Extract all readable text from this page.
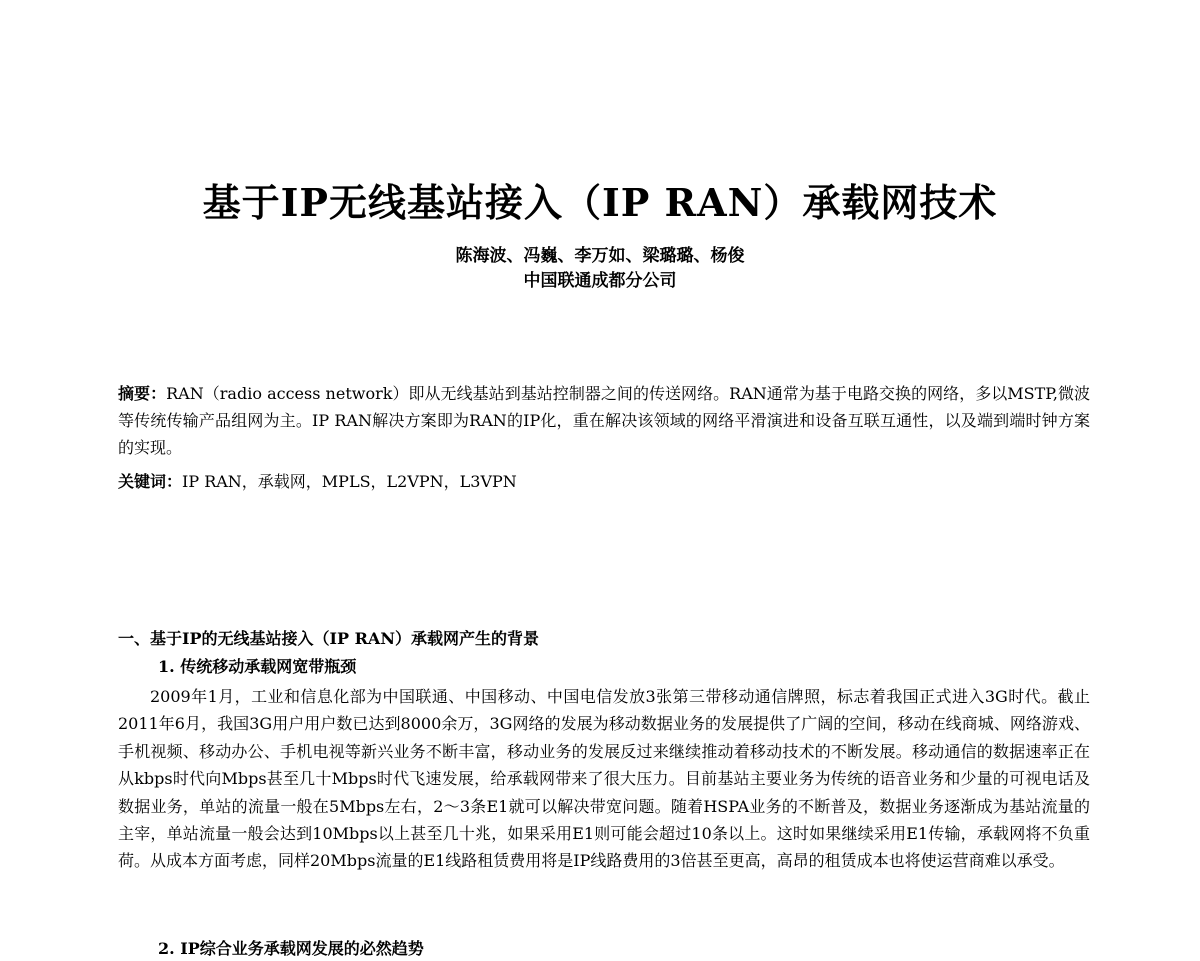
基于IP无线基站接入（IP RAN）承载网技术
陈海波、冯巍、李万如、梁璐璐、杨俊
中国联通成都分公司
摘要：RAN（radio access network）即从无线基站到基站控制器之间的传送网络。RAN通常为基于电路交换的网络，多以MSTP,微波等传统传输产品组网为主。IP RAN解决方案即为RAN的IP化，重在解决该领域的网络平滑演进和设备互联互通性，以及端到端时钟方案的实现。
关键词：IP RAN，承载网，MPLS，L2VPN，L3VPN
一、基于IP的无线基站接入（IP RAN）承载网产生的背景
1. 传统移动承载网宽带瓶颈
2009年1月，工业和信息化部为中国联通、中国移动、中国电信发放3张第三带移动通信牌照，标志着我国正式进入3G时代。截止2011年6月，我国3G用户用户数已达到8000余万，3G网络的发展为移动数据业务的发展提供了广阔的空间，移动在线商城、网络游戏、手机视频、移动办公、手机电视等新兴业务不断丰富，移动业务的发展反过来继续推动着移动技术的不断发展。移动通信的数据速率正在从kbps时代向Mbps甚至几十Mbps时代飞速发展，给承载网带来了很大压力。目前基站主要业务为传统的语音业务和少量的可视电话及数据业务，单站的流量一般在5Mbps左右，2～3条E1就可以解决带宽问题。随着HSPA业务的不断普及，数据业务逐渐成为基站流量的主宰，单站流量一般会达到10Mbps以上甚至几十兆，如果采用E1则可能会超过10条以上。这时如果继续采用E1传输，承载网将不负重荷。从成本方面考虑，同样20Mbps流量的E1线路租赁费用将是IP线路费用的3倍甚至更高，高昂的租赁成本也将使运营商难以承受。
2. IP综合业务承载网发展的必然趋势
